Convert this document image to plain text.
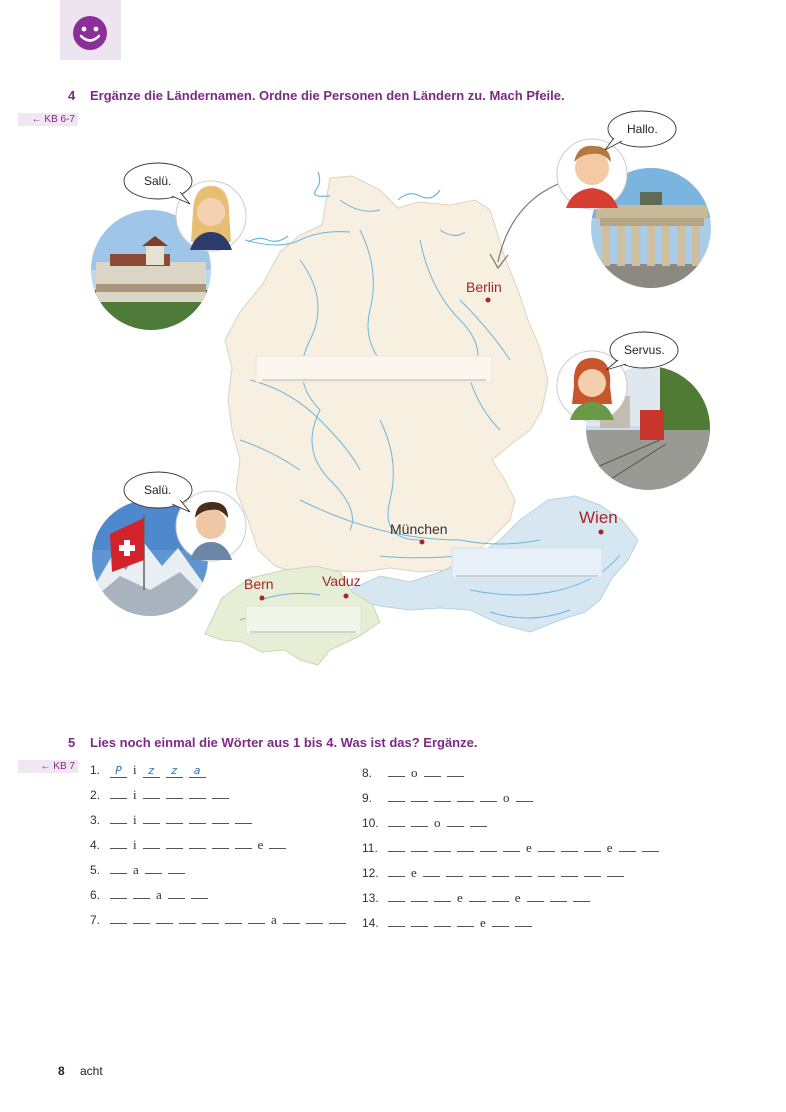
4 Ergänze die Ländernamen. Ordne die Personen den Ländern zu. Mach Pfeile.
← KB 6-7
Berlin
München
Wien
Bern	Vaduz
Hallo.
Salü.
Servus.
Salü.
5 Lies noch einmal die Wörter aus 1 bis 4. Was ist das? Ergänze.
← KB 7 1. P i z z a
2.	i
3.	i
4.	i	e
5.	a
6.	a
7.	a
8.	o
9.	o
10.	o
11.	e	e
12. e
13.	e	e
14.	e
8 acht
